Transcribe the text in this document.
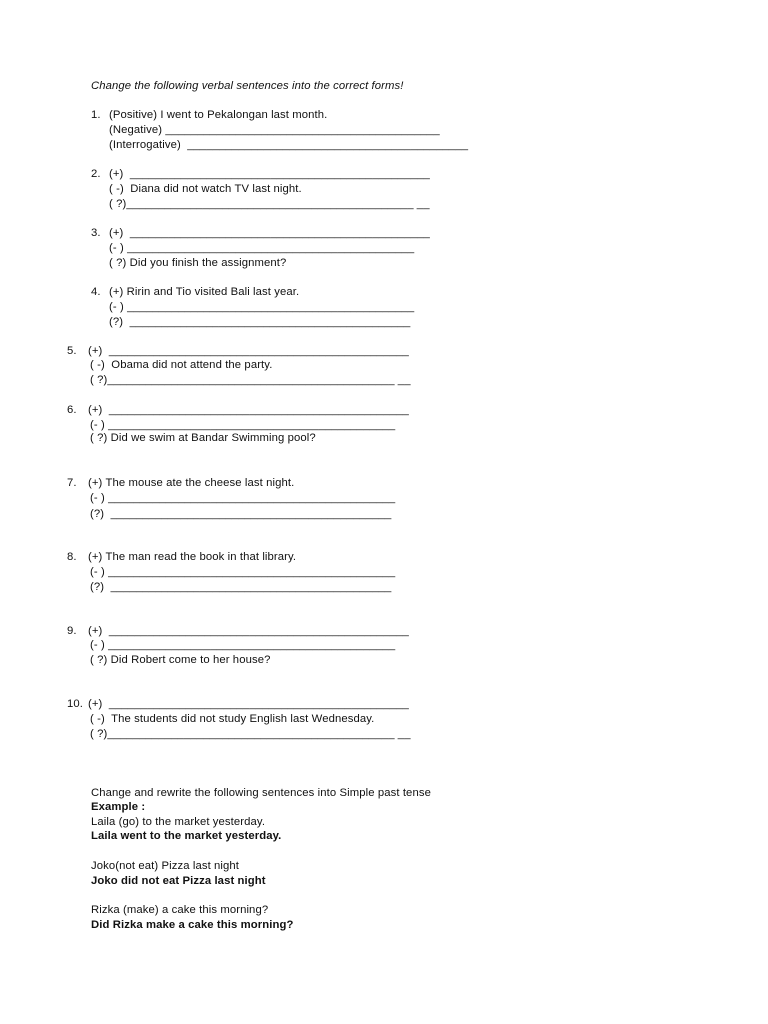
Change the following verbal sentences into the correct forms!
1. (Positive) I went to Pekalongan last month.
(Negative) ___________________________________________
(Interrogative)  ____________________________________________
2. (+)  _______________________________________________
( -)  Diana did not watch TV last night.
( ?)_____________________________________________ __
3. (+)  _______________________________________________
(- ) _____________________________________________
( ?) Did you finish the assignment?
4. (+) Ririn and Tio visited Bali last year.
(- ) _____________________________________________
(?)  ____________________________________________
5. (+)  _______________________________________________
( -)  Obama did not attend the party.
( ?)_____________________________________________ __
6. (+)  _______________________________________________
(- ) _____________________________________________
( ?) Did we swim at Bandar Swimming pool?
7. (+) The mouse ate the cheese last night.
(- ) _____________________________________________
(?)  ____________________________________________
8. (+) The man read the book in that library.
(- ) _____________________________________________
(?)  ____________________________________________
9. (+)  _______________________________________________
(- ) _____________________________________________
( ?) Did Robert come to her house?
10. (+)  _______________________________________________
( -)  The students did not study English last Wednesday.
( ?)_____________________________________________ __
Change and rewrite the following sentences into Simple past tense
Example :
Laila (go) to the market yesterday.
Laila went to the market yesterday.
Joko(not eat) Pizza last night
Joko did not eat Pizza last night
Rizka (make) a cake this morning?
Did Rizka make a cake this morning?
